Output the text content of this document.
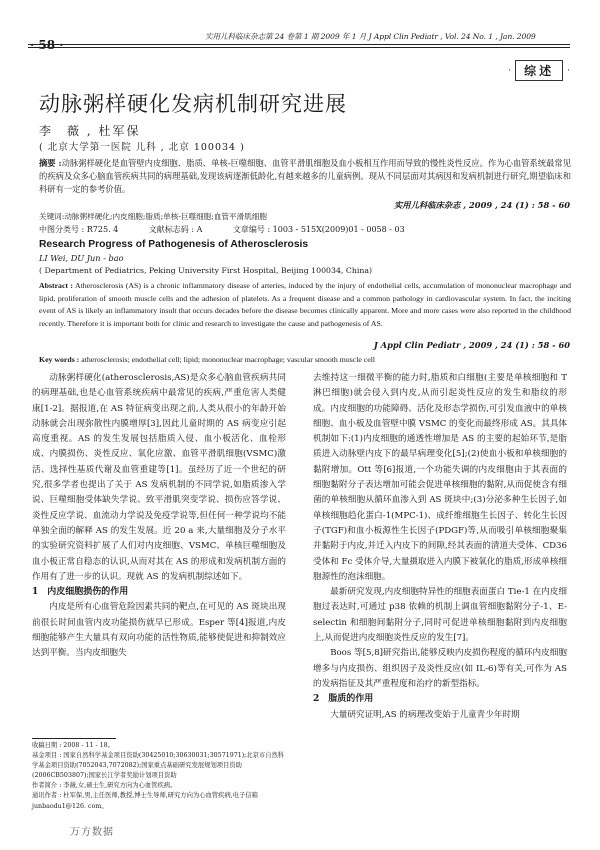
· 58 ·
实用儿科临床杂志第 24 卷第 1 期 2009 年 1 月 J Appl Clin Pediatr , Vol. 24 No. 1 , Jan. 2009
·	综述	·
动脉粥样硬化发病机制研究进展
李　薇 , 杜军保
( 北京大学第一医院 儿科 , 北京 100034 )
摘要 :动脉粥样硬化是血管壁内皮细胞、脂质、单核-巨噬细胞、血管平滑肌细胞及血小板相互作用而导致的慢性炎性反应。作为心血管系统最常见的疾病及众多心脑血管疾病共同的病理基础,发现该病逐渐低龄化,有越来越多的儿童病例。现从不同层面对其病因和发病机制进行研究,期望临床和科研有一定的参考价值。
实用儿科临床杂志 , 2009 , 24 (1) : 58 - 60
关键词:动脉粥样硬化;内皮细胞;脂质;单核-巨噬细胞;血管平滑肌细胞
中图分类号 : R725. 4	文献标志码 : A	文章编号 : 1003 - 515X(2009)01 - 0058 - 03
Research Progress of Pathogenesis of Atherosclerosis
LI Wei, DU Jun - bao
( Department of Pediatrics, Peking University First Hospital, Beijing 100034, China)
Abstract : Atherosclerosis (AS) is a chronic inflammatory disease of arteries, induced by the injury of endothelial cells, accumulation of mononuclear macrophage and lipid, proliferation of smooth muscle cells and the adhesion of platelets. As a frequent disease and a common pathology in cardiovascular system. In fact, the inciting event of AS is likely an inflammatory insult that occurs decades before the disease becomes clinically apparent. More and more cases were also reported in the childhood recently. Therefore it is important both for clinic and research to investigate the cause and pathogenesis of AS.
J Appl Clin Pediatr , 2009 , 24 (1) : 58 - 60
Key words : atherosclerosis; endothelial cell; lipid; mononuclear macrophage; vascular smooth muscle cell

动脉粥样硬化(atherosclerosis,AS)是众多心脑血管疾病共同的病理基础,也是心血管系统疾病中最常见的疾病,严重危害人类健康[1-2]。据报道,在 AS 特征病变出现之前,人类从很小的年龄开始动脉就会出现弥散性内膜增厚[3],因此儿童时期的 AS 病变应引起高度重视。AS 的发生发展包括脂质入侵、血小板活化、血栓形成、内膜损伤、炎性反应、氧化应激、血管平滑肌细胞(VSMC)激活、选择性基质代谢及血管重建等[1]。虽经历了近一个世纪的研究,很多学者也提出了关于 AS 发病机制的不同学说,如脂质渗入学说、巨噬细胞受体缺失学说、致平滑肌突变学说、损伤应答学说、炎性反应学说、血流动力学说及免疫学说等,但任何一种学说均不能单独全面的解释 AS 的发生发展。近 20 a 来,大量细胞及分子水平的实验研究资料扩展了人们对内皮细胞、VSMC、单核巨噬细胞及血小板正常自稳态的认识,从而对其在 AS 的形成和发病机制方面的作用有了进一步的认识。现就 AS 的发病机制综述如下。

1　内皮细胞损伤的作用

内皮是所有心血管危险因素共同的靶点,在可见的 AS 斑块出现前很长时间血管内皮功能损伤就早已形成。Esper 等[4]报道,内皮细胞能够产生大量具有双向功能的活性物质,能够使促进和抑制效应达到平衡。当内皮细胞失

去维持这一细微平衡的能力时,脂质和白细胞(主要是单核细胞和 T 淋巴细胞)就会侵入到内皮,从而引起炎性反应的发生和脂纹的形成。内皮细胞的功能障碍、活化及形态学损伤,可引发血液中的单核细胞、血小板及血管壁中膜 VSMC 的变化而最终形成 AS。其具体机制如下:(1)内皮细胞的通透性增加是 AS 的主要的起始环节,是脂质进入动脉壁内皮下的最早病理变化[5];(2)使血小板和单核细胞的黏附增加。Ott 等[6]报道,一个功能失调的内皮细胞由于其表面的细胞黏附分子表达增加可能会促进单核细胞的黏附,从而促使含有细菌的单核细胞从循环血渗入到 AS 斑块中;(3)分泌多种生长因子,如单核细胞趋化蛋白-1(MPC-1)、成纤维细胞生长因子、转化生长因子(TGF)和血小板源性生长因子(PDGF)等,从而吸引单核细胞聚集并黏附于内皮,并迁入内皮下的间隙,经其表面的清道夫受体、CD36受体和 Fc 受体介导,大量摄取进入内膜下被氧化的脂质,形成单核细胞源性的泡沫细胞。

最新研究发现,内皮细胞特异性的细胞表面蛋白 Tie-1 在内皮细胞过表达时,可通过 p38 依赖的机制上调血管细胞黏附分子-1、E-selectin 和细胞间黏附分子,同时可促进单核细胞黏附到内皮细胞上,从而促进内皮细胞炎性反应的发生[7]。

Boos 等[5,8]研究指出,能够反映内皮损伤程度的循环内皮细胞增多与内皮损伤、组织因子及炎性反应(如 IL-6)等有关,可作为 AS 的发病指征及其严重程度和治疗的新型指标。

2　脂质的作用

大量研究证明,AS 的病理改变始于儿童青少年时期

收稿日期 : 2008 - 11 - 18。

基金项目 : 国家自然科学基金项目资助(30425010;30630031;30571971);北京市自然科学基金项目资助(7052043,7072082);国家重点基础研究发展规划项目资助(2006CB503807);国家长江学者奖励计划项目资助

作者简介 : 李薇,女,硕士生,研究方向为心血管疾病。

通讯作者 : 杜军保,男,主任医师,教授,博士生导师,研究方向为心血管疾病,电子信箱 junbaodu1@126. com。

万方数据
